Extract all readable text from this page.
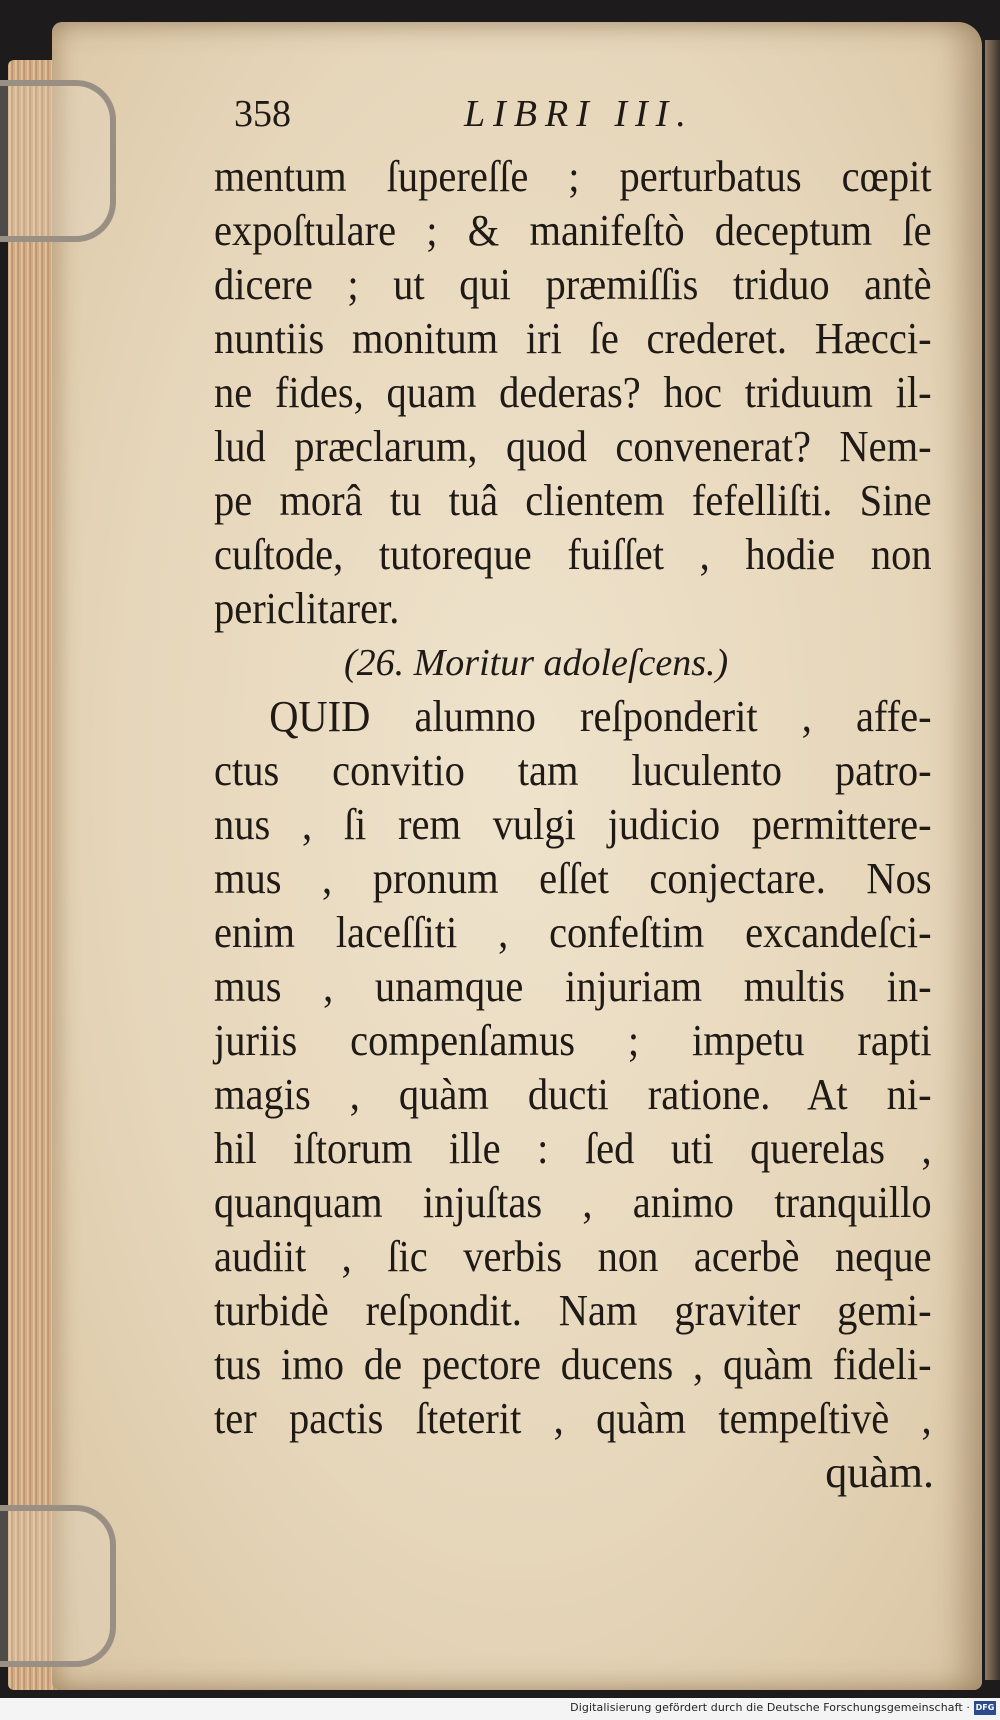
358	LIBRI III.
mentum ſupereſſe ; perturbatus cœpit
expoſtulare ; & manifeſtò deceptum ſe
dicere ; ut qui præmiſſis triduo antè
nuntiis monitum iri ſe crederet. Hæcci-
ne fides, quam dederas? hoc triduum il-
lud præclarum, quod convenerat? Nem-
pe morâ tu tuâ clientem fefelliſti. Sine
cuſtode, tutoreque fuiſſet , hodie non
periclitarer.
(26. Moritur adoleſcens.)
QUID alumno reſponderit , affe-
ctus convitio tam luculento patro-
nus , ſi rem vulgi judicio permittere-
mus , pronum eſſet conjectare. Nos
enim laceſſiti , confeſtim excandeſci-
mus , unamque injuriam multis in-
juriis compenſamus ; impetu rapti
magis , quàm ducti ratione. At ni-
hil iſtorum ille : ſed uti querelas ,
quanquam injuſtas , animo tranquillo
audiit , ſic verbis non acerbè neque
turbidè reſpondit. Nam graviter gemi-
tus imo de pectore ducens , quàm fideli-
ter pactis ſteterit , quàm tempeſtivè ,
quàm.
Digitalisierung gefördert durch die Deutsche Forschungsgemeinschaft · DFG
